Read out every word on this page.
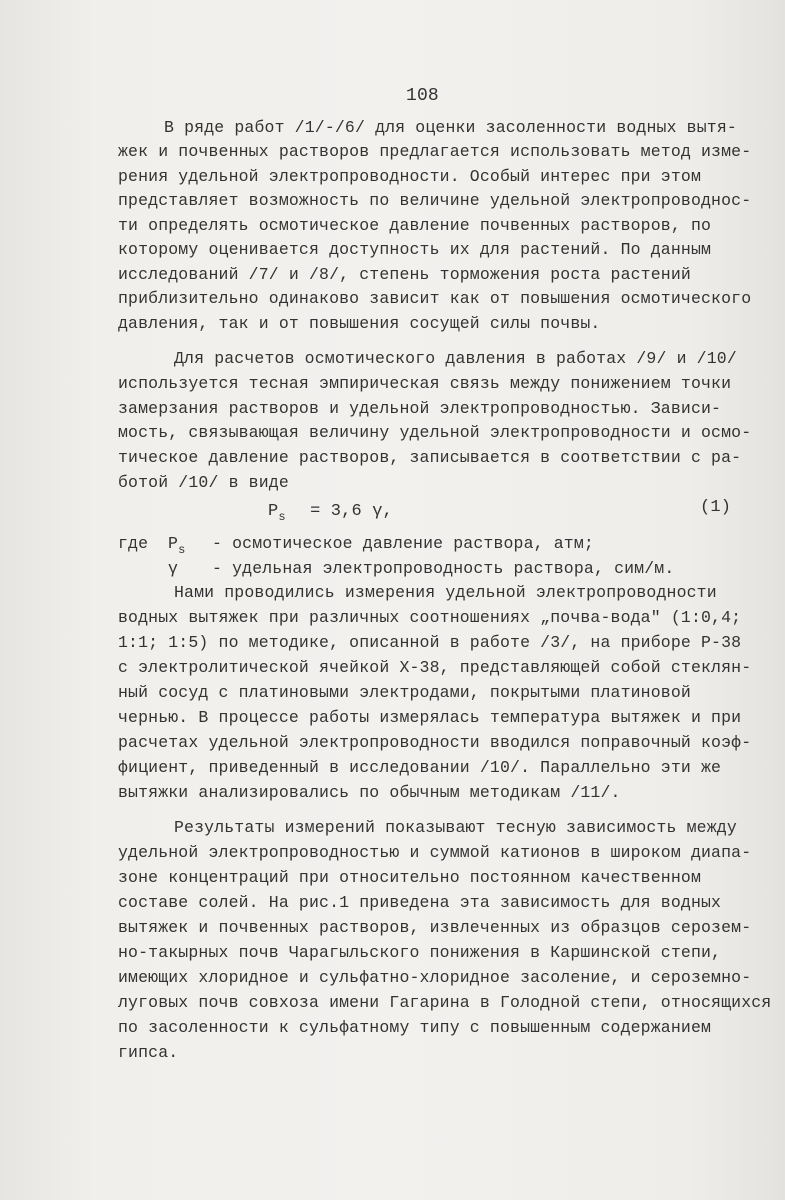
108
В ряде работ /1/-/6/ для оценки засоленности водных вытя-
жек и почвенных растворов предлагается использовать метод изме-
рения удельной электропроводности. Особый интерес при этом
представляет возможность по величине удельной электропроводнос-
ти определять осмотическое давление почвенных растворов, по
которому оценивается доступность их для растений. По данным
исследований /7/ и /8/, степень торможения роста растений
приблизительно одинаково зависит как от повышения осмотического
давления, так и от повышения сосущей силы почвы.
Для расчетов осмотического давления в работах /9/ и /10/
используется тесная эмпирическая связь между понижением точки
замерзания растворов и удельной электропроводностью. Зависи-
мость, связывающая величину удельной электропроводности и осмо-
тическое давление растворов, записывается в соответствии с ра-
ботой /10/ в виде
$P_s = 3,6$ γ,	(1)
где $P_s$ - осмотическое давление раствора, атм;
γ - удельная электропроводность раствора, сим/м.
Нами проводились измерения удельной электропроводности
водных вытяжек при различных соотношениях „почва-вода" (1:0,4;
1:1; 1:5) по методике, описанной в работе /3/, на приборе Р-38
с электролитической ячейкой Х-38, представляющей собой стеклян-
ный сосуд с платиновыми электродами, покрытыми платиновой
чернью. В процессе работы измерялась температура вытяжек и при
расчетах удельной электропроводности вводился поправочный коэф-
фициент, приведенный в исследовании /10/. Параллельно эти же
вытяжки анализировались по обычным методикам /11/.
Результаты измерений показывают тесную зависимость между
удельной электропроводностью и суммой катионов в широком диапа-
зоне концентраций при относительно постоянном качественном
составе солей. На рис.1 приведена эта зависимость для водных
вытяжек и почвенных растворов, извлеченных из образцов серозем-
но-такырных почв Чарагыльского понижения в Каршинской степи,
имеющих хлоридное и сульфатно-хлоридное засоление, и сероземно-
луговых почв совхоза имени Гагарина в Голодной степи, относящихся
по засоленности к сульфатному типу с повышенным содержанием
гипса.
